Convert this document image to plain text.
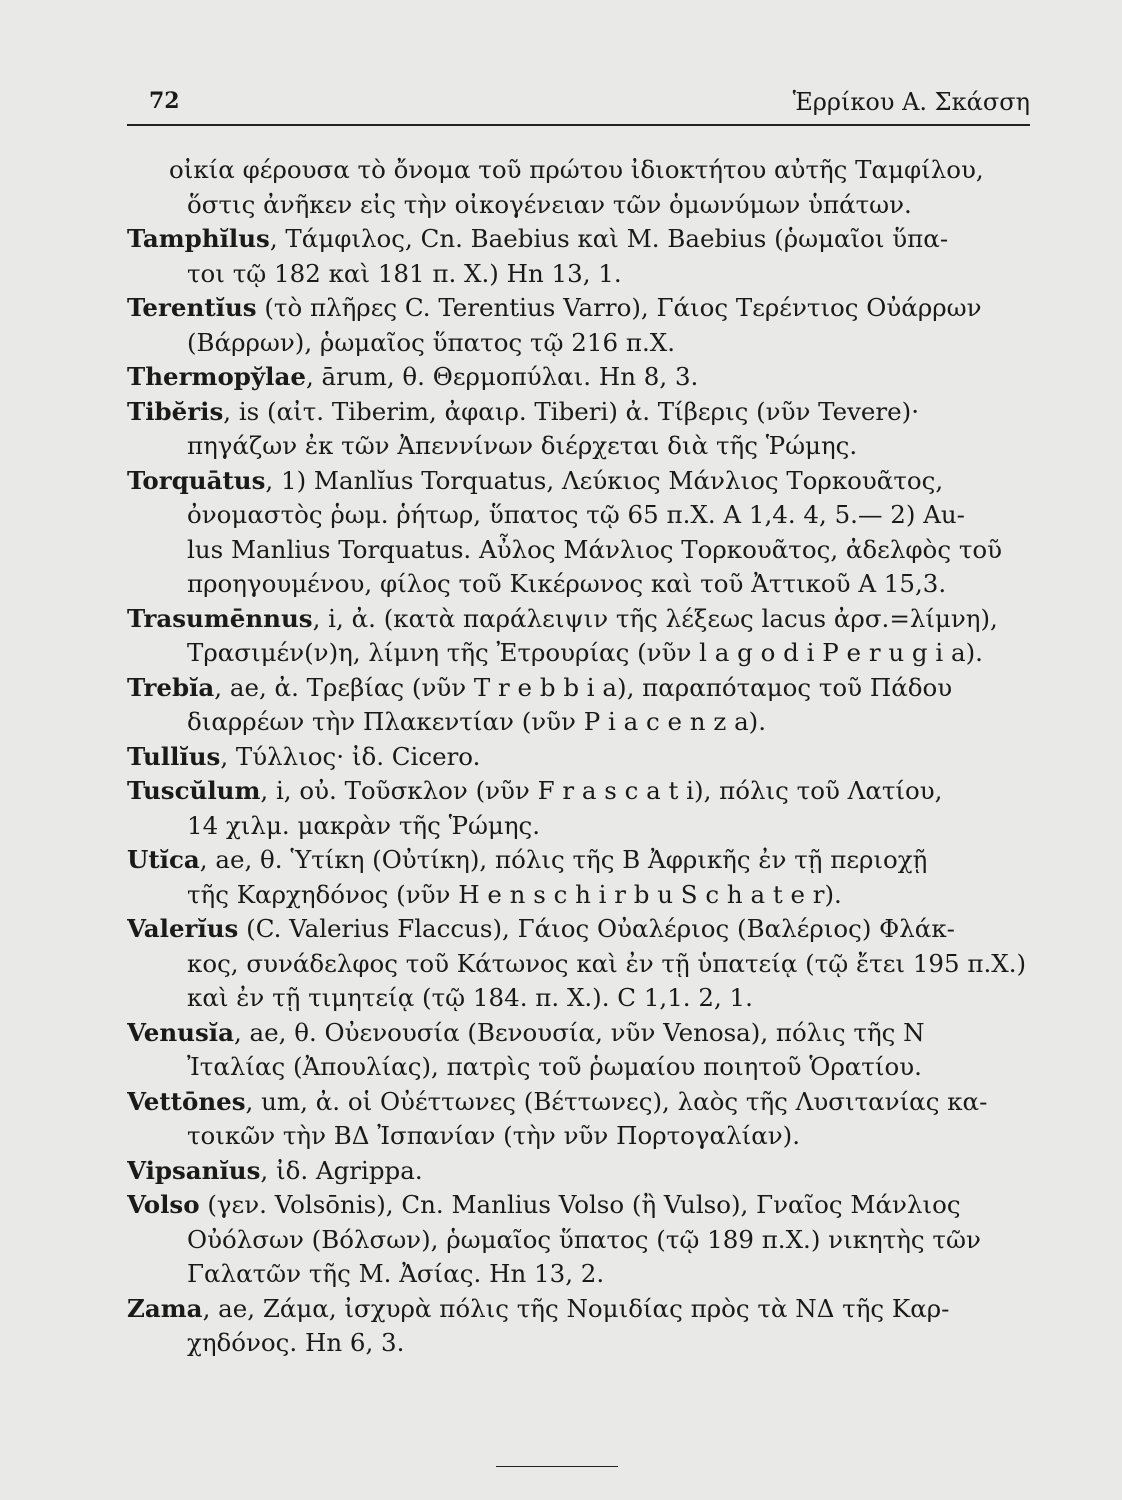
72	Ἑρρίκου Α. Σκάσση
οἰκία φέρουσα τὸ ὄνομα τοῦ πρώτου ἰδιοκτήτου αὐτῆς Ταμφίλου,
ὅστις ἀνῆκεν εἰς τὴν οἰκογένειαν τῶν ὁμωνύμων ὑπάτων.
Tamphĭlus, Τάμφιλος, Cn. Baebius καὶ M. Baebius (ῥωμαῖοι ὕπα-
τοι τῷ 182 καὶ 181 π. Χ.) Hn 13, 1.
Terentĭus (τὸ πλῆρες C. Terentius Varro), Γάιος Τερέντιος Οὐάρρων
(Βάρρων), ῥωμαῖος ὕπατος τῷ 216 π.Χ.
Thermopy̆lae, ārum, θ. Θερμοπύλαι. Hn 8, 3.
Tibĕris, is (αἰτ. Tiberim, ἀφαιρ. Tiberi) ἀ. Τίβερις (νῦν Tevere)·
πηγάζων ἐκ τῶν Ἀπεννίνων διέρχεται διὰ τῆς Ῥώμης.
Torquātus, 1) Manlĭus Torquatus, Λεύκιος Μάνλιος Τορκουᾶτος,
ὀνομαστὸς ῥωμ. ῥήτωρ, ὕπατος τῷ 65 π.Χ. A 1,4. 4, 5.— 2) Au-
lus Manlius Torquatus. Αὖλος Μάνλιος Τορκουᾶτος, ἀδελφὸς τοῦ
προηγουμένου, φίλος τοῦ Κικέρωνος καὶ τοῦ Ἀττικοῦ A 15,3.
Trasumēnnus, i, ἀ. (κατὰ παράλειψιν τῆς λέξεως lacus ἀρσ.=λίμνη),
Τρασιμέν(ν)η, λίμνη τῆς Ἐτρουρίας (νῦν l a g o d i P e r u g i a).
Trebĭa, ae, ἀ. Τρεβίας (νῦν T r e b b i a), παραπόταμος τοῦ Πάδου
διαρρέων τὴν Πλακεντίαν (νῦν P i a c e n z a).
Tullĭus, Τύλλιος· ἰδ. Cicero.
Tuscŭlum, i, οὐ. Τοῦσκλον (νῦν F r a s c a t i), πόλις τοῦ Λατίου,
14 χιλμ. μακρὰν τῆς Ῥώμης.
Utĭca, ae, θ. Ὑτίκη (Οὐτίκη), πόλις τῆς B Ἀφρικῆς ἐν τῇ περιοχῇ
τῆς Καρχηδόνος (νῦν H e n s c h i r b u S c h a t e r).
Valerĭus (C. Valerius Flaccus), Γάιος Οὐαλέριος (Βαλέριος) Φλάκ-
κος, συνάδελφος τοῦ Κάτωνος καὶ ἐν τῇ ὑπατείᾳ (τῷ ἔτει 195 π.Χ.)
καὶ ἐν τῇ τιμητείᾳ (τῷ 184. π. Χ.). C 1,1. 2, 1.
Venusĭa, ae, θ. Οὐενουσία (Βενουσία, νῦν Venosa), πόλις τῆς N
Ἰταλίας (Ἀπουλίας), πατρὶς τοῦ ῥωμαίου ποιητοῦ Ὁρατίου.
Vettōnes, um, ἀ. οἱ Οὐέττωνες (Βέττωνες), λαὸς τῆς Λυσιτανίας κα-
τοικῶν τὴν ΒΔ Ἰσπανίαν (τὴν νῦν Πορτογαλίαν).
Vipsanĭus, ἰδ. Agrippa.
Volso (γεν. Volsōnis), Cn. Manlius Volso (ἢ Vulso), Γναῖος Μάνλιος
Οὐόλσων (Βόλσων), ῥωμαῖος ὕπατος (τῷ 189 π.Χ.) νικητὴς τῶν
Γαλατῶν τῆς M. Ἀσίας. Hn 13, 2.
Zama, ae, Ζάμα, ἰσχυρὰ πόλις τῆς Νομιδίας πρὸς τὰ ΝΔ τῆς Καρ-
χηδόνος. Hn 6, 3.
